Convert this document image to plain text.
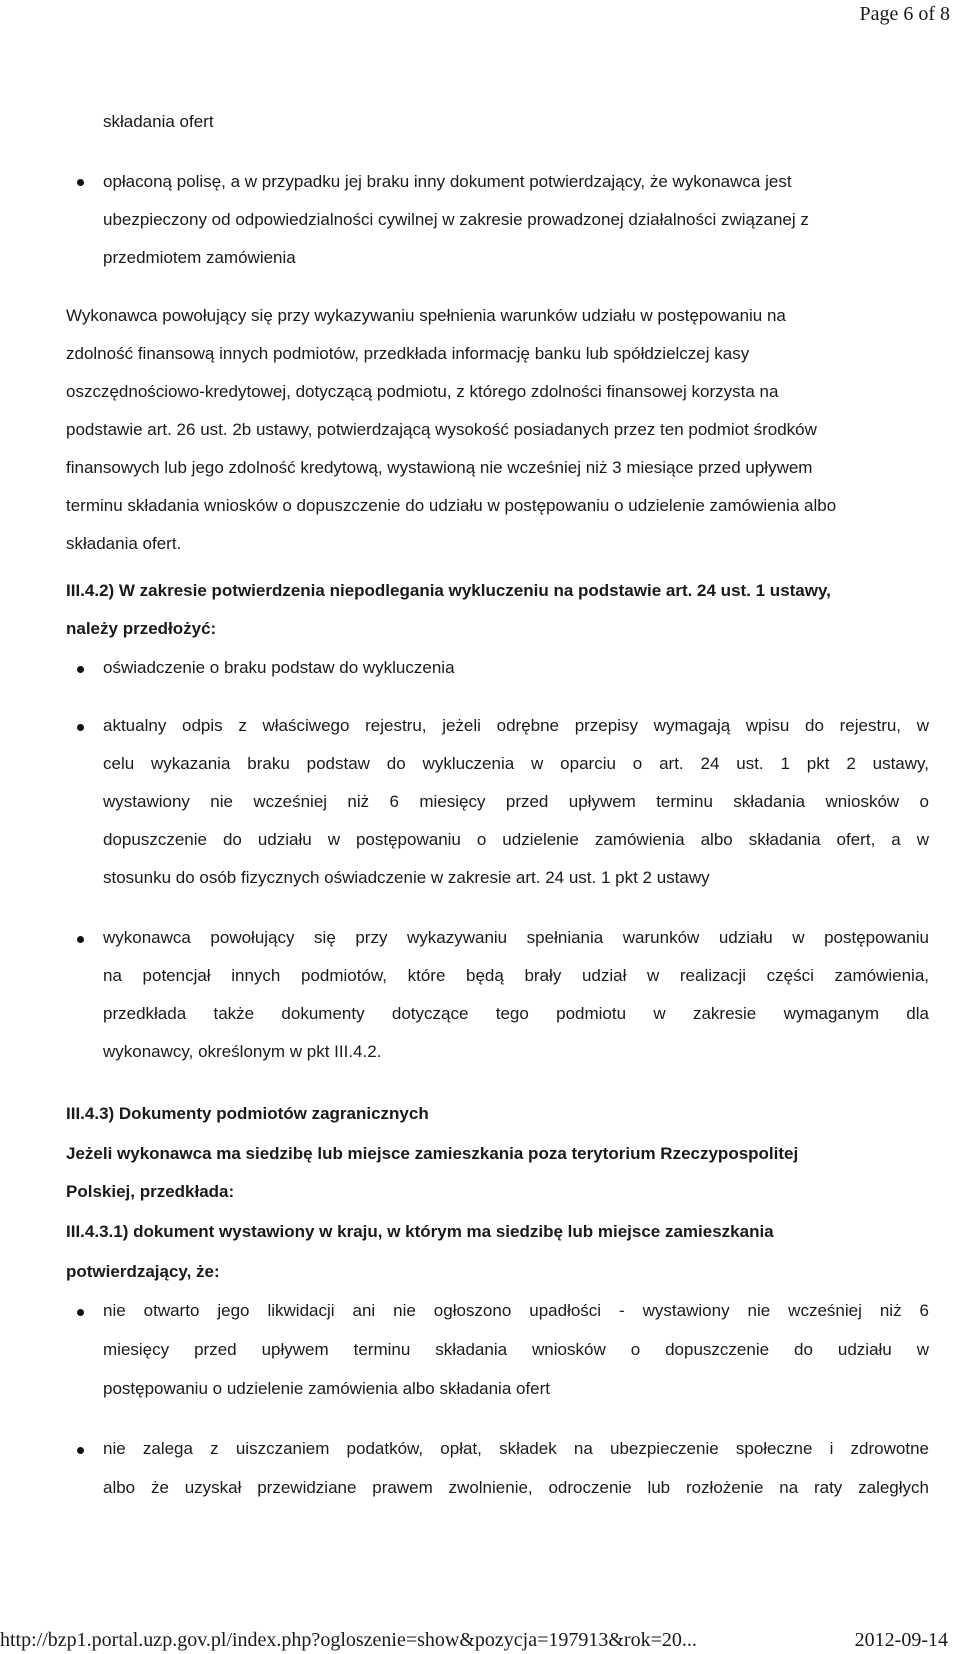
Page 6 of 8
składania ofert
opłaconą polisę, a w przypadku jej braku inny dokument potwierdzający, że wykonawca jest
ubezpieczony od odpowiedzialności cywilnej w zakresie prowadzonej działalności związanej z
przedmiotem zamówienia
Wykonawca powołujący się przy wykazywaniu spełnienia warunków udziału w postępowaniu na
zdolność finansową innych podmiotów, przedkłada informację banku lub spółdzielczej kasy
oszczędnościowo-kredytowej, dotyczącą podmiotu, z którego zdolności finansowej korzysta na
podstawie art. 26 ust. 2b ustawy, potwierdzającą wysokość posiadanych przez ten podmiot środków
finansowych lub jego zdolność kredytową, wystawioną nie wcześniej niż 3 miesiące przed upływem
terminu składania wniosków o dopuszczenie do udziału w postępowaniu o udzielenie zamówienia albo
składania ofert.
III.4.2) W zakresie potwierdzenia niepodlegania wykluczeniu na podstawie art. 24 ust. 1 ustawy,
należy przedłożyć:
oświadczenie o braku podstaw do wykluczenia
aktualny odpis z właściwego rejestru, jeżeli odrębne przepisy wymagają wpisu do rejestru, w
celu wykazania braku podstaw do wykluczenia w oparciu o art. 24 ust. 1 pkt 2 ustawy,
wystawiony nie wcześniej niż 6 miesięcy przed upływem terminu składania wniosków o
dopuszczenie do udziału w postępowaniu o udzielenie zamówienia albo składania ofert, a w
stosunku do osób fizycznych oświadczenie w zakresie art. 24 ust. 1 pkt 2 ustawy
wykonawca powołujący się przy wykazywaniu spełniania warunków udziału w postępowaniu
na potencjał innych podmiotów, które będą brały udział w realizacji części zamówienia,
przedkłada także dokumenty dotyczące tego podmiotu w zakresie wymaganym dla
wykonawcy, określonym w pkt III.4.2.
III.4.3) Dokumenty podmiotów zagranicznych
Jeżeli wykonawca ma siedzibę lub miejsce zamieszkania poza terytorium Rzeczypospolitej
Polskiej, przedkłada:
III.4.3.1) dokument wystawiony w kraju, w którym ma siedzibę lub miejsce zamieszkania
potwierdzający, że:
nie otwarto jego likwidacji ani nie ogłoszono upadłości - wystawiony nie wcześniej niż 6
miesięcy przed upływem terminu składania wniosków o dopuszczenie do udziału w
postępowaniu o udzielenie zamówienia albo składania ofert
nie zalega z uiszczaniem podatków, opłat, składek na ubezpieczenie społeczne i zdrowotne
albo że uzyskał przewidziane prawem zwolnienie, odroczenie lub rozłożenie na raty zaległych
http://bzp1.portal.uzp.gov.pl/index.php?ogloszenie=show&pozycja=197913&rok=20...	2012-09-14
